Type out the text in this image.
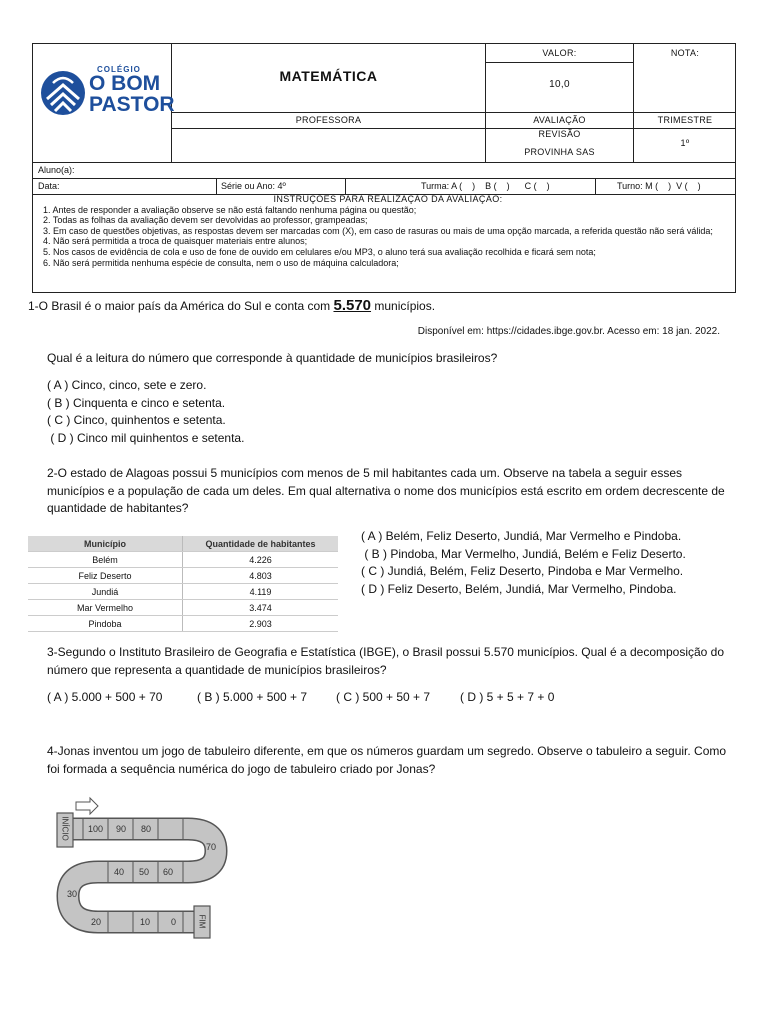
COLÉGIO
O BOM
PASTOR
MATEMÁTICA
VALOR:
10,0
NOTA:
PROFESSORA	AVALIAÇÃO	TRIMESTRE
REVISÃO
PROVINHA SAS
1º
Aluno(a):
Data:	Série ou Ano: 4º	Turma: A (    )    B (    )      C (    )	Turno: M (    )  V (    )
INSTRUÇÕES PARA REALIZAÇÃO DA AVALIAÇÃO:
1. Antes de responder a avaliação observe se não está faltando nenhuma página ou questão;
2. Todas as folhas da avaliação devem ser devolvidas ao professor, grampeadas;
3. Em caso de questões objetivas, as respostas devem ser marcadas com (X), em caso de rasuras ou mais de uma opção marcada, a referida questão não será válida;
4. Não será permitida a troca de quaisquer materiais entre alunos;
5. Nos casos de evidência de cola e uso de fone de ouvido em celulares e/ou MP3, o aluno terá sua avaliação recolhida e ficará sem nota;
6. Não será permitida nenhuma espécie de consulta, nem o uso de máquina calculadora;
1-O Brasil é o maior país da América do Sul e conta com 5.570 municípios.
Disponível em: https://cidades.ibge.gov.br. Acesso em: 18 jan. 2022.
Qual é a leitura do número que corresponde à quantidade de municípios brasileiros?
( A ) Cinco, cinco, sete e zero.
( B ) Cinquenta e cinco e setenta.
( C ) Cinco, quinhentos e setenta.
( D ) Cinco mil quinhentos e setenta.
2-O estado de Alagoas possui 5 municípios com menos de 5 mil habitantes cada um. Observe na tabela a seguir esses municípios e a população de cada um deles. Em qual alternativa o nome dos municípios está escrito em ordem decrescente de quantidade de habitantes?
Município	Quantidade de habitantes
Belém	4.226
Feliz Deserto	4.803
Jundiá	4.119
Mar Vermelho	3.474
Pindoba	2.903
( A ) Belém, Feliz Deserto, Jundiá, Mar Vermelho e Pindoba.
( B ) Pindoba, Mar Vermelho, Jundiá, Belém e Feliz Deserto.
( C ) Jundiá, Belém, Feliz Deserto, Pindoba e Mar Vermelho.
( D ) Feliz Deserto, Belém, Jundiá, Mar Vermelho, Pindoba.
3-Segundo o Instituto Brasileiro de Geografia e Estatística (IBGE), o Brasil possui 5.570 municípios. Qual é a decomposição do número que representa a quantidade de municípios brasileiros?
( A ) 5.000 + 500 + 70	( B ) 5.000 + 500 + 7 ( C ) 500 + 50 + 7 ( D ) 5 + 5 + 7 + 0
4-Jonas inventou um jogo de tabuleiro diferente, em que os números guardam um segredo. Observe o tabuleiro a seguir. Como foi formada a sequência numérica do jogo de tabuleiro criado por Jonas?
INÍCIO
FIM
100 90 80
70
60
50
40
30
20	10 0
